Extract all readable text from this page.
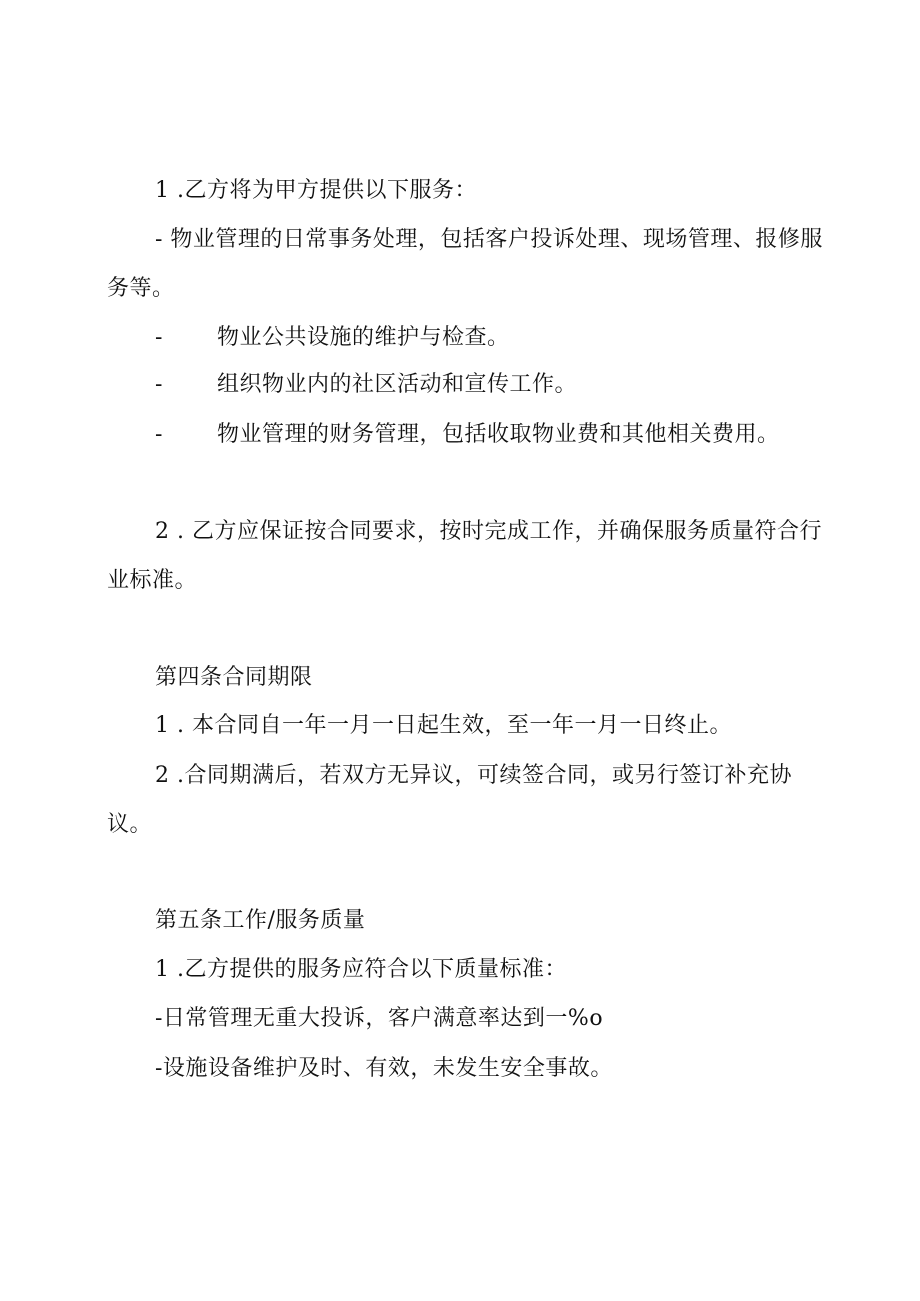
1 .乙方将为甲方提供以下服务：
- 物业管理的日常事务处理，包括客户投诉处理、现场管理、报修服
务等。
- 物业公共设施的维护与检查。
- 组织物业内的社区活动和宣传工作。
- 物业管理的财务管理，包括收取物业费和其他相关费用。
2 . 乙方应保证按合同要求，按时完成工作，并确保服务质量符合行
业标准。
第四条合同期限
1 . 本合同自一年一月一日起生效，至一年一月一日终止。
2 .合同期满后，若双方无异议，可续签合同，或另行签订补充协
议。
第五条工作/服务质量
1 .乙方提供的服务应符合以下质量标准：
-日常管理无重大投诉，客户满意率达到一%o
-设施设备维护及时、有效，未发生安全事故。
